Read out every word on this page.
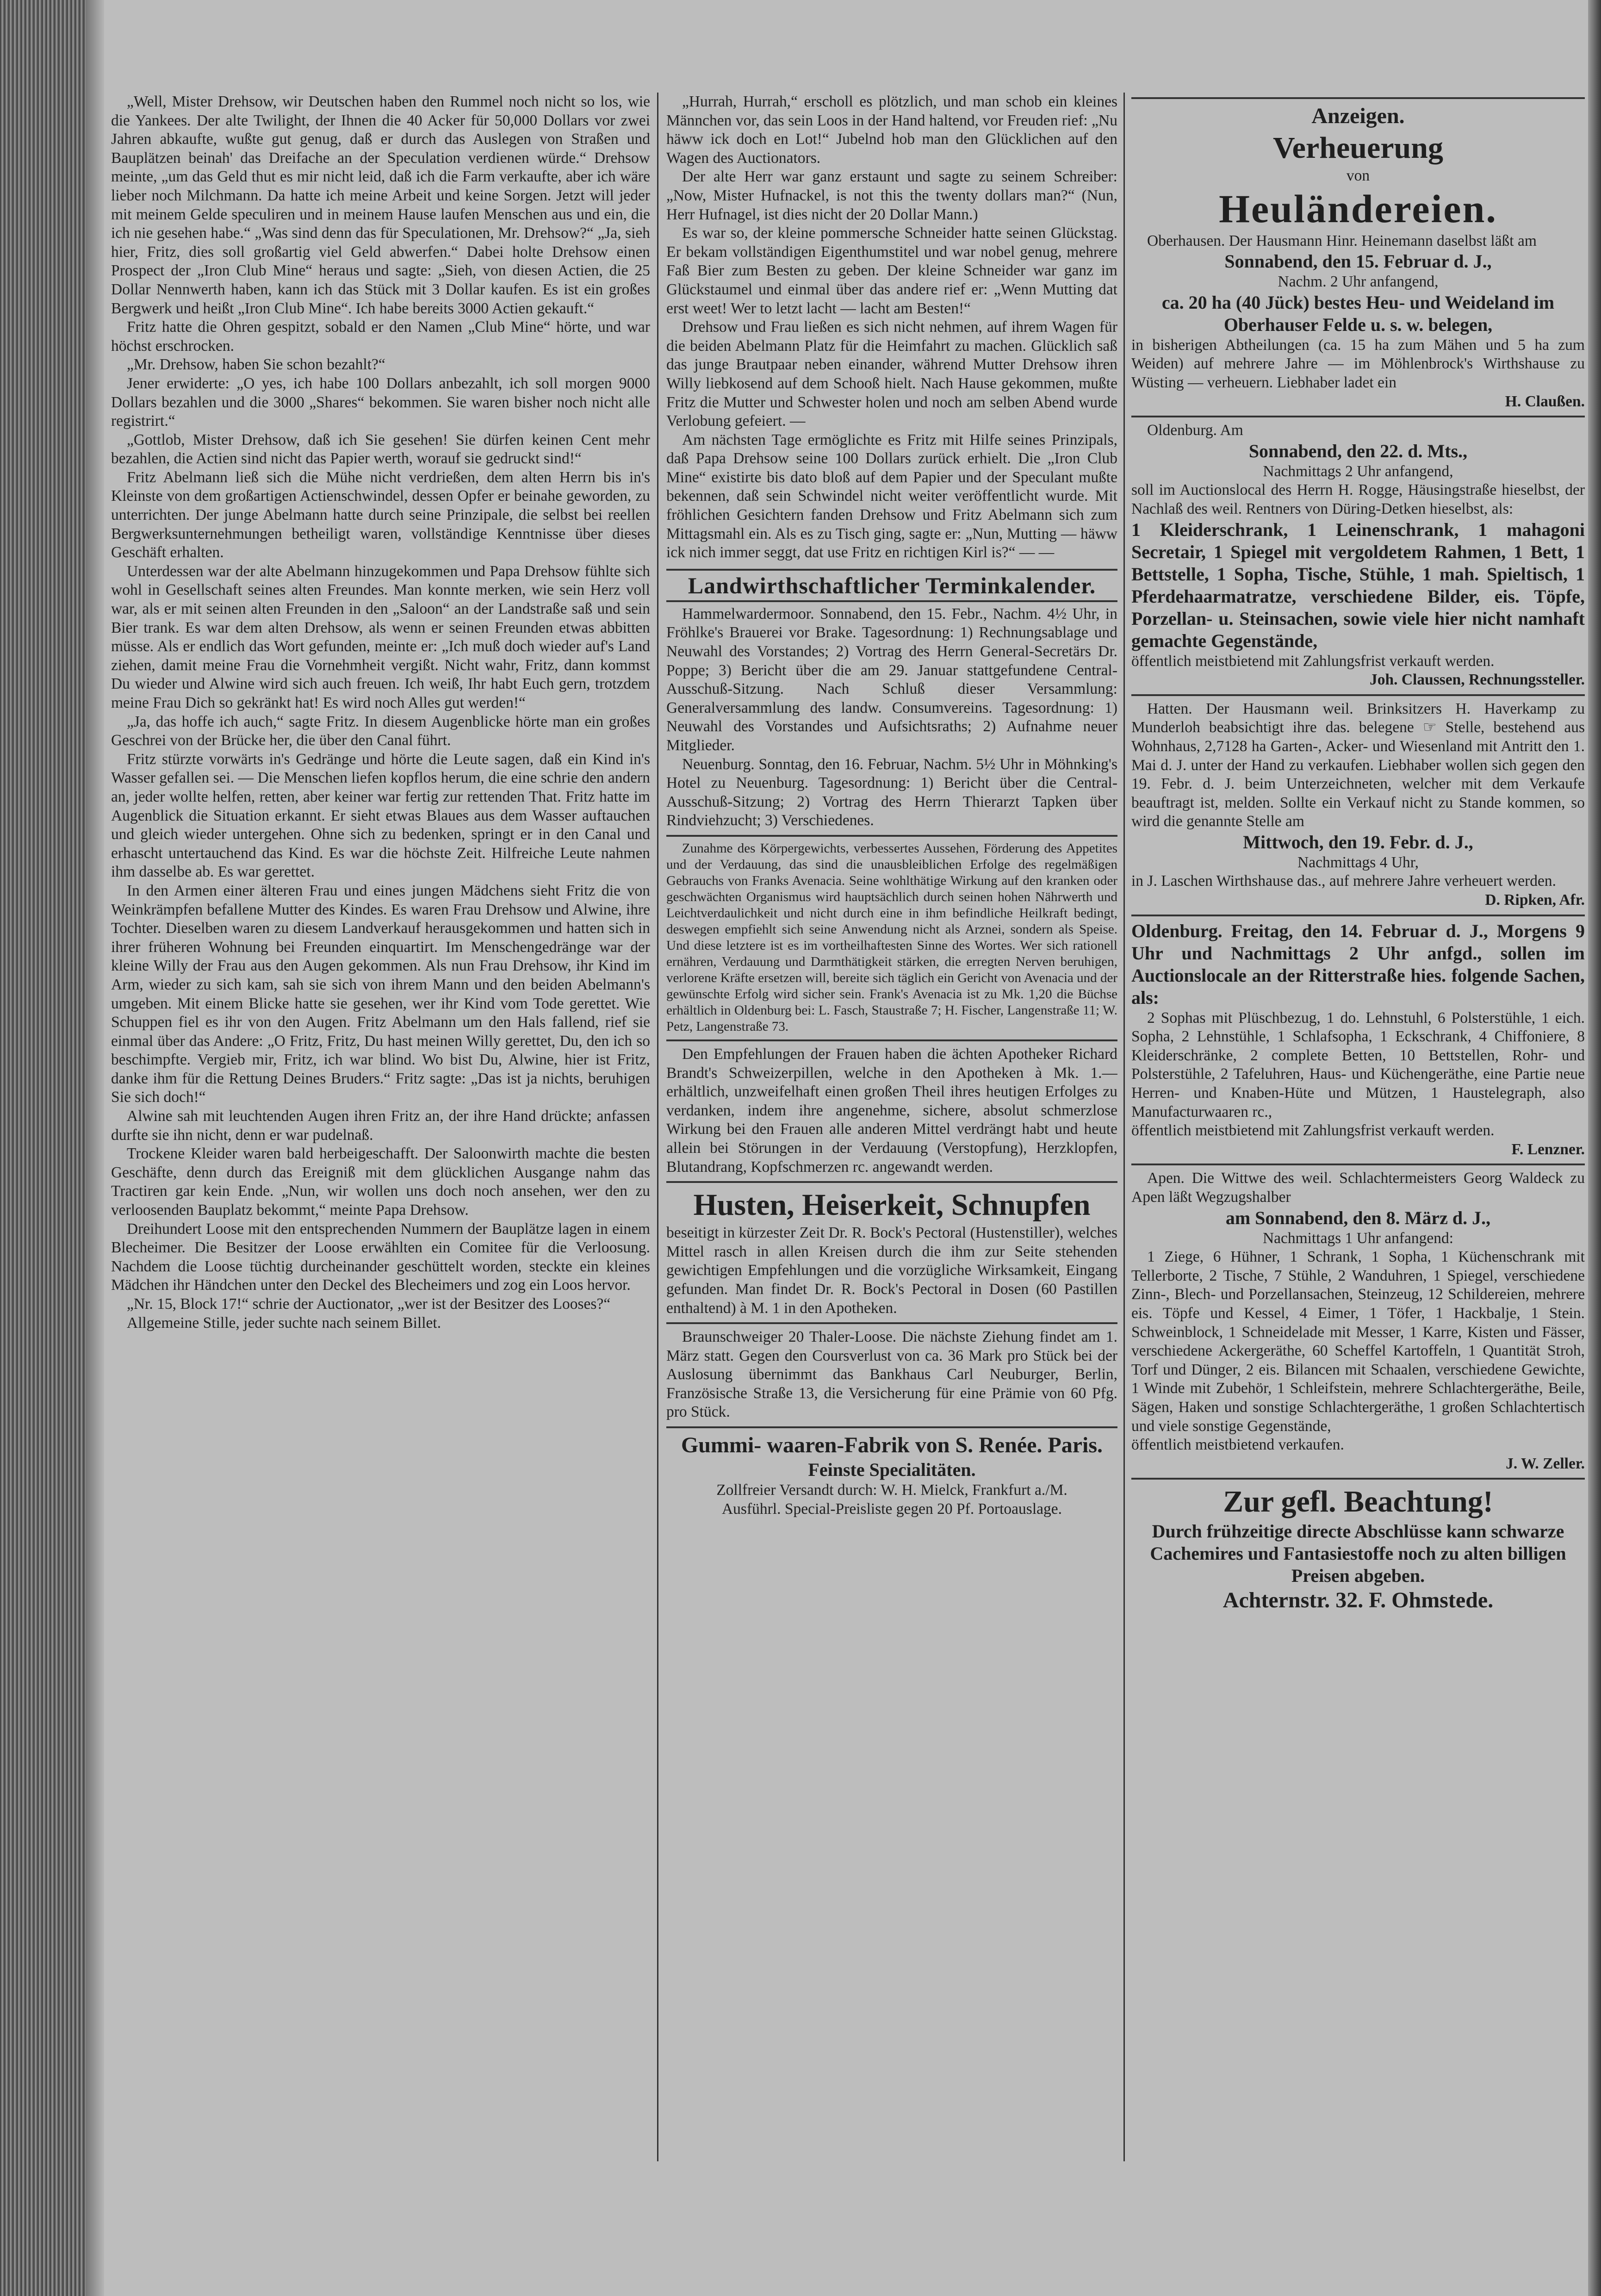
„Well, Mister Drehsow, wir Deutschen haben den Rummel noch nicht so los, wie die Yankees. Der alte Twilight, der Ihnen die 40 Acker für 50,000 Dollars vor zwei Jahren abkaufte, wußte gut genug, daß er durch das Auslegen von Straßen und Bauplätzen beinah' das Dreifache an der Speculation verdienen würde.“ Drehsow meinte, „um das Geld thut es mir nicht leid, daß ich die Farm verkaufte, aber ich wäre lieber noch Milchmann. Da hatte ich meine Arbeit und keine Sorgen. Jetzt will jeder mit meinem Gelde speculiren und in meinem Hause laufen Menschen aus und ein, die ich nie gesehen habe.“ „Was sind denn das für Speculationen, Mr. Drehsow?“ „Ja, sieh hier, Fritz, dies soll großartig viel Geld abwerfen.“ Dabei holte Drehsow einen Prospect der „Iron Club Mine“ heraus und sagte: „Sieh, von diesen Actien, die 25 Dollar Nennwerth haben, kann ich das Stück mit 3 Dollar kaufen. Es ist ein großes Bergwerk und heißt „Iron Club Mine“. Ich habe bereits 3000 Actien gekauft.“

Fritz hatte die Ohren gespitzt, sobald er den Namen „Club Mine“ hörte, und war höchst erschrocken.

„Mr. Drehsow, haben Sie schon bezahlt?“

Jener erwiderte: „O yes, ich habe 100 Dollars anbezahlt, ich soll morgen 9000 Dollars bezahlen und die 3000 „Shares“ bekommen. Sie waren bisher noch nicht alle registrirt.“

„Gottlob, Mister Drehsow, daß ich Sie gesehen! Sie dürfen keinen Cent mehr bezahlen, die Actien sind nicht das Papier werth, worauf sie gedruckt sind!“

Fritz Abelmann ließ sich die Mühe nicht verdrießen, dem alten Herrn bis in's Kleinste von dem großartigen Actienschwindel, dessen Opfer er beinahe geworden, zu unterrichten. Der junge Abelmann hatte durch seine Prinzipale, die selbst bei reellen Bergwerksunternehmungen betheiligt waren, vollständige Kenntnisse über dieses Geschäft erhalten.

Unterdessen war der alte Abelmann hinzugekommen und Papa Drehsow fühlte sich wohl in Gesellschaft seines alten Freundes. Man konnte merken, wie sein Herz voll war, als er mit seinen alten Freunden in den „Saloon“ an der Landstraße saß und sein Bier trank. Es war dem alten Drehsow, als wenn er seinen Freunden etwas abbitten müsse. Als er endlich das Wort gefunden, meinte er: „Ich muß doch wieder auf's Land ziehen, damit meine Frau die Vornehmheit vergißt. Nicht wahr, Fritz, dann kommst Du wieder und Alwine wird sich auch freuen. Ich weiß, Ihr habt Euch gern, trotzdem meine Frau Dich so gekränkt hat! Es wird noch Alles gut werden!“

„Ja, das hoffe ich auch,“ sagte Fritz. In diesem Augenblicke hörte man ein großes Geschrei von der Brücke her, die über den Canal führt.

Fritz stürzte vorwärts in's Gedränge und hörte die Leute sagen, daß ein Kind in's Wasser gefallen sei. — Die Menschen liefen kopflos herum, die eine schrie den andern an, jeder wollte helfen, retten, aber keiner war fertig zur rettenden That. Fritz hatte im Augenblick die Situation erkannt. Er sieht etwas Blaues aus dem Wasser auftauchen und gleich wieder untergehen. Ohne sich zu bedenken, springt er in den Canal und erhascht untertauchend das Kind. Es war die höchste Zeit. Hilfreiche Leute nahmen ihm dasselbe ab. Es war gerettet.

In den Armen einer älteren Frau und eines jungen Mädchens sieht Fritz die von Weinkrämpfen befallene Mutter des Kindes. Es waren Frau Drehsow und Alwine, ihre Tochter. Dieselben waren zu diesem Landverkauf herausgekommen und hatten sich in ihrer früheren Wohnung bei Freunden einquartirt. Im Menschengedränge war der kleine Willy der Frau aus den Augen gekommen. Als nun Frau Drehsow, ihr Kind im Arm, wieder zu sich kam, sah sie sich von ihrem Mann und den beiden Abelmann's umgeben. Mit einem Blicke hatte sie gesehen, wer ihr Kind vom Tode gerettet. Wie Schuppen fiel es ihr von den Augen. Fritz Abelmann um den Hals fallend, rief sie einmal über das Andere: „O Fritz, Fritz, Du hast meinen Willy gerettet, Du, den ich so beschimpfte. Vergieb mir, Fritz, ich war blind. Wo bist Du, Alwine, hier ist Fritz, danke ihm für die Rettung Deines Bruders.“ Fritz sagte: „Das ist ja nichts, beruhigen Sie sich doch!“

Alwine sah mit leuchtenden Augen ihren Fritz an, der ihre Hand drückte; anfassen durfte sie ihn nicht, denn er war pudelnaß.

Trockene Kleider waren bald herbeigeschafft. Der Saloonwirth machte die besten Geschäfte, denn durch das Ereigniß mit dem glücklichen Ausgange nahm das Tractiren gar kein Ende. „Nun, wir wollen uns doch noch ansehen, wer den zu verloosenden Bauplatz bekommt,“ meinte Papa Drehsow.

Dreihundert Loose mit den entsprechenden Nummern der Bauplätze lagen in einem Blecheimer. Die Besitzer der Loose erwählten ein Comitee für die Verloosung. Nachdem die Loose tüchtig durcheinander geschüttelt worden, steckte ein kleines Mädchen ihr Händchen unter den Deckel des Blecheimers und zog ein Loos hervor.

„Nr. 15, Block 17!“ schrie der Auctionator, „wer ist der Besitzer des Looses?“

Allgemeine Stille, jeder suchte nach seinem Billet.

„Hurrah, Hurrah,“ erscholl es plötzlich, und man schob ein kleines Männchen vor, das sein Loos in der Hand haltend, vor Freuden rief: „Nu häww ick doch en Lot!“ Jubelnd hob man den Glücklichen auf den Wagen des Auctionators.

Der alte Herr war ganz erstaunt und sagte zu seinem Schreiber: „Now, Mister Hufnackel, is not this the twenty dollars man?“ (Nun, Herr Hufnagel, ist dies nicht der 20 Dollar Mann.)

Es war so, der kleine pommersche Schneider hatte seinen Glückstag. Er bekam vollständigen Eigenthumstitel und war nobel genug, mehrere Faß Bier zum Besten zu geben. Der kleine Schneider war ganz im Glückstaumel und einmal über das andere rief er: „Wenn Mutting dat erst weet! Wer to letzt lacht — lacht am Besten!“

Drehsow und Frau ließen es sich nicht nehmen, auf ihrem Wagen für die beiden Abelmann Platz für die Heimfahrt zu machen. Glücklich saß das junge Brautpaar neben einander, während Mutter Drehsow ihren Willy liebkosend auf dem Schooß hielt. Nach Hause gekommen, mußte Fritz die Mutter und Schwester holen und noch am selben Abend wurde Verlobung gefeiert. —

Am nächsten Tage ermöglichte es Fritz mit Hilfe seines Prinzipals, daß Papa Drehsow seine 100 Dollars zurück erhielt. Die „Iron Club Mine“ existirte bis dato bloß auf dem Papier und der Speculant mußte bekennen, daß sein Schwindel nicht weiter veröffentlicht wurde. Mit fröhlichen Gesichtern fanden Drehsow und Fritz Abelmann sich zum Mittagsmahl ein. Als es zu Tisch ging, sagte er: „Nun, Mutting — häww ick nich immer seggt, dat use Fritz en richtigen Kirl is?“ — —

Landwirthschaftlicher Terminkalender.

Hammelwardermoor. Sonnabend, den 15. Febr., Nachm. 4½ Uhr, in Fröhlke's Brauerei vor Brake. Tagesordnung: 1) Rechnungsablage und Neuwahl des Vorstandes; 2) Vortrag des Herrn General-Secretärs Dr. Poppe; 3) Bericht über die am 29. Januar stattgefundene Central-Ausschuß-Sitzung. Nach Schluß dieser Versammlung: Generalversammlung des landw. Consumvereins. Tagesordnung: 1) Neuwahl des Vorstandes und Aufsichtsraths; 2) Aufnahme neuer Mitglieder.

Neuenburg. Sonntag, den 16. Februar, Nachm. 5½ Uhr in Möhnking's Hotel zu Neuenburg. Tagesordnung: 1) Bericht über die Central-Ausschuß-Sitzung; 2) Vortrag des Herrn Thierarzt Tapken über Rindviehzucht; 3) Verschiedenes.

Zunahme des Körpergewichts, verbessertes Aussehen, Förderung des Appetites und der Verdauung, das sind die unausbleiblichen Erfolge des regelmäßigen Gebrauchs von Franks Avenacia. Seine wohlthätige Wirkung auf den kranken oder geschwächten Organismus wird hauptsächlich durch seinen hohen Nährwerth und Leichtverdaulichkeit und nicht durch eine in ihm befindliche Heilkraft bedingt, deswegen empfiehlt sich seine Anwendung nicht als Arznei, sondern als Speise. Und diese letztere ist es im vortheilhaftesten Sinne des Wortes. Wer sich rationell ernähren, Verdauung und Darmthätigkeit stärken, die erregten Nerven beruhigen, verlorene Kräfte ersetzen will, bereite sich täglich ein Gericht von Avenacia und der gewünschte Erfolg wird sicher sein. Frank's Avenacia ist zu Mk. 1,20 die Büchse erhältlich in Oldenburg bei: L. Fasch, Staustraße 7; H. Fischer, Langenstraße 11; W. Petz, Langenstraße 73.

Den Empfehlungen der Frauen haben die ächten Apotheker Richard Brandt's Schweizerpillen, welche in den Apotheken à Mk. 1.— erhältlich, unzweifelhaft einen großen Theil ihres heutigen Erfolges zu verdanken, indem ihre angenehme, sichere, absolut schmerzlose Wirkung bei den Frauen alle anderen Mittel verdrängt habt und heute allein bei Störungen in der Verdauung (Verstopfung), Herzklopfen, Blutandrang, Kopfschmerzen rc. angewandt werden.

Husten, Heiserkeit, Schnupfen

beseitigt in kürzester Zeit Dr. R. Bock's Pectoral (Hustenstiller), welches Mittel rasch in allen Kreisen durch die ihm zur Seite stehenden gewichtigen Empfehlungen und die vorzügliche Wirksamkeit, Eingang gefunden. Man findet Dr. R. Bock's Pectoral in Dosen (60 Pastillen enthaltend) à M. 1 in den Apotheken.

Braunschweiger 20 Thaler-Loose. Die nächste Ziehung findet am 1. März statt. Gegen den Coursverlust von ca. 36 Mark pro Stück bei der Auslosung übernimmt das Bankhaus Carl Neuburger, Berlin, Französische Straße 13, die Versicherung für eine Prämie von 60 Pfg. pro Stück.

Gummi- waaren-Fabrik von S. Renée. Paris.

Feinste Specialitäten.

Zollfreier Versandt durch: W. H. Mielck, Frankfurt a./M.

Ausführl. Special-Preisliste gegen 20 Pf. Portoauslage.

Anzeigen.

Verheuerung

von

Heuländereien.

Oberhausen. Der Hausmann Hinr. Heinemann daselbst läßt am

Sonnabend, den 15. Februar d. J.,

Nachm. 2 Uhr anfangend,

ca. 20 ha (40 Jück) bestes Heu- und Weideland im Oberhauser Felde u. s. w. belegen,

in bisherigen Abtheilungen (ca. 15 ha zum Mähen und 5 ha zum Weiden) auf mehrere Jahre — im Möhlenbrock's Wirthshause zu Wüsting — verheuern. Liebhaber ladet ein

H. Claußen.

Oldenburg. Am

Sonnabend, den 22. d. Mts.,

Nachmittags 2 Uhr anfangend,

soll im Auctionslocal des Herrn H. Rogge, Häusingstraße hieselbst, der Nachlaß des weil. Rentners von Düring-Detken hieselbst, als:

1 Kleiderschrank, 1 Leinenschrank, 1 mahagoni Secretair, 1 Spiegel mit vergoldetem Rahmen, 1 Bett, 1 Bettstelle, 1 Sopha, Tische, Stühle, 1 mah. Spieltisch, 1 Pferdehaarmatratze, verschiedene Bilder, eis. Töpfe, Porzellan- u. Steinsachen, sowie viele hier nicht namhaft gemachte Gegenstände,

öffentlich meistbietend mit Zahlungsfrist verkauft werden.

Joh. Claussen, Rechnungssteller.

Hatten. Der Hausmann weil. Brinksitzers H. Haverkamp zu Munderloh beabsichtigt ihre das. belegene ☞ Stelle, bestehend aus Wohnhaus, 2,7128 ha Garten-, Acker- und Wiesenland mit Antritt den 1. Mai d. J. unter der Hand zu verkaufen. Liebhaber wollen sich gegen den 19. Febr. d. J. beim Unterzeichneten, welcher mit dem Verkaufe beauftragt ist, melden. Sollte ein Verkauf nicht zu Stande kommen, so wird die genannte Stelle am

Mittwoch, den 19. Febr. d. J.,

Nachmittags 4 Uhr,

in J. Laschen Wirthshause das., auf mehrere Jahre verheuert werden.

D. Ripken, Afr.

Oldenburg. Freitag, den 14. Februar d. J., Morgens 9 Uhr und Nachmittags 2 Uhr anfgd., sollen im Auctionslocale an der Ritterstraße hies. folgende Sachen, als:

2 Sophas mit Plüschbezug, 1 do. Lehnstuhl, 6 Polsterstühle, 1 eich. Sopha, 2 Lehnstühle, 1 Schlafsopha, 1 Eckschrank, 4 Chiffoniere, 8 Kleiderschränke, 2 complete Betten, 10 Bettstellen, Rohr- und Polsterstühle, 2 Tafeluhren, Haus- und Küchengeräthe, eine Partie neue Herren- und Knaben-Hüte und Mützen, 1 Haustelegraph, also Manufacturwaaren rc.,

öffentlich meistbietend mit Zahlungsfrist verkauft werden.

F. Lenzner.

Apen. Die Wittwe des weil. Schlachtermeisters Georg Waldeck zu Apen läßt Wegzugshalber

am Sonnabend, den 8. März d. J.,

Nachmittags 1 Uhr anfangend:

1 Ziege, 6 Hühner, 1 Schrank, 1 Sopha, 1 Küchenschrank mit Tellerborte, 2 Tische, 7 Stühle, 2 Wanduhren, 1 Spiegel, verschiedene Zinn-, Blech- und Porzellansachen, Steinzeug, 12 Schildereien, mehrere eis. Töpfe und Kessel, 4 Eimer, 1 Töfer, 1 Hackbalje, 1 Stein. Schweinblock, 1 Schneidelade mit Messer, 1 Karre, Kisten und Fässer, verschiedene Ackergeräthe, 60 Scheffel Kartoffeln, 1 Quantität Stroh, Torf und Dünger, 2 eis. Bilancen mit Schaalen, verschiedene Gewichte, 1 Winde mit Zubehör, 1 Schleifstein, mehrere Schlachtergeräthe, Beile, Sägen, Haken und sonstige Schlachtergeräthe, 1 großen Schlachtertisch und viele sonstige Gegenstände,

öffentlich meistbietend verkaufen.

J. W. Zeller.

Zur gefl. Beachtung!

Durch frühzeitige directe Abschlüsse kann schwarze Cachemires und Fantasiestoffe noch zu alten billigen Preisen abgeben.

Achternstr. 32. F. Ohmstede.
